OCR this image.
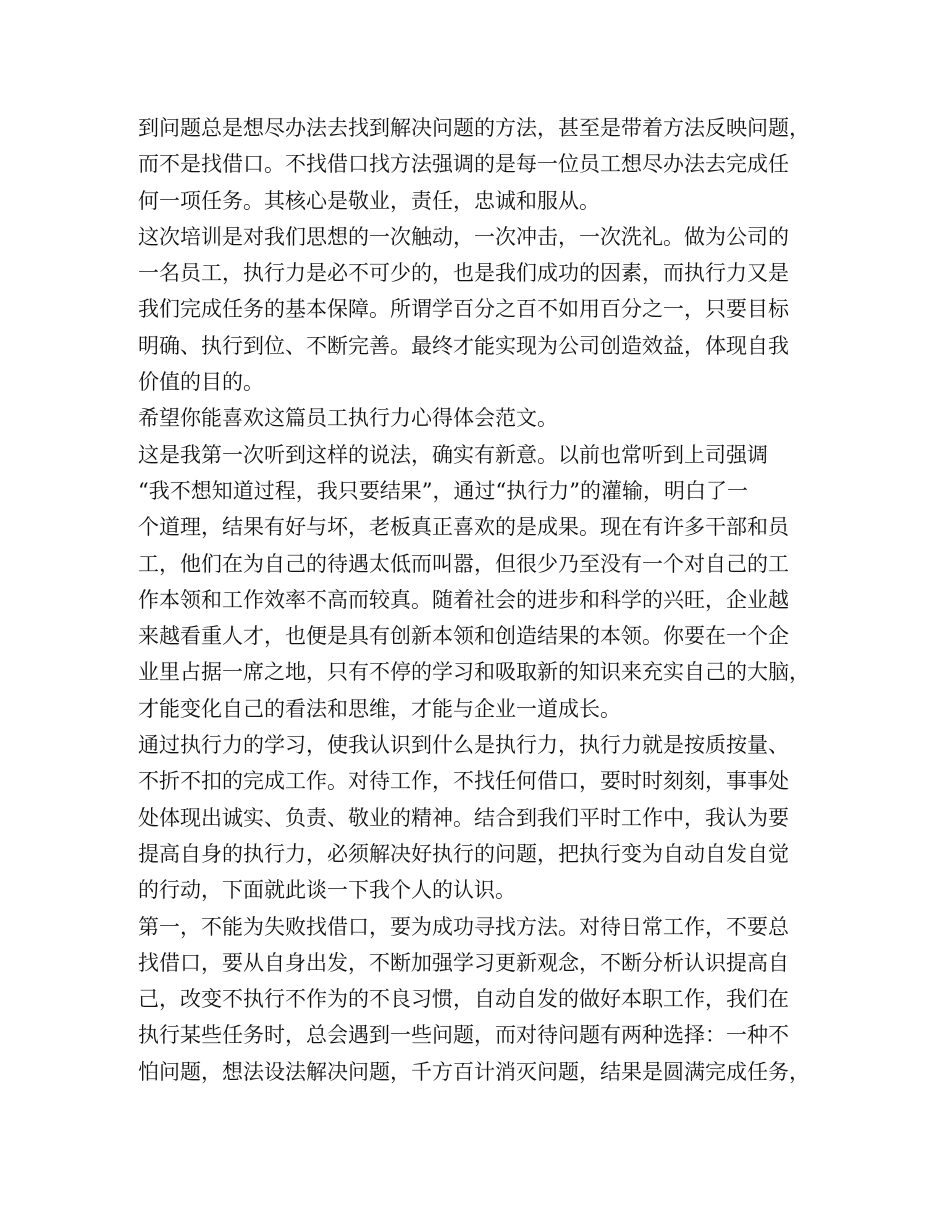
到问题总是想尽办法去找到解决问题的方法，甚至是带着方法反映问题，
而不是找借口。不找借口找方法强调的是每一位员工想尽办法去完成任
何一项任务。其核心是敬业，责任，忠诚和服从。
这次培训是对我们思想的一次触动，一次冲击，一次洗礼。做为公司的
一名员工，执行力是必不可少的，也是我们成功的因素，而执行力又是
我们完成任务的基本保障。所谓学百分之百不如用百分之一，只要目标
明确、执行到位、不断完善。最终才能实现为公司创造效益，体现自我
价值的目的。
希望你能喜欢这篇员工执行力心得体会范文。
这是我第一次听到这样的说法，确实有新意。以前也常听到上司强调
“我不想知道过程，我只要结果”，通过“执行力”的灌输，明白了一
个道理，结果有好与坏，老板真正喜欢的是成果。现在有许多干部和员
工，他们在为自己的待遇太低而叫嚣，但很少乃至没有一个对自己的工
作本领和工作效率不高而较真。随着社会的进步和科学的兴旺，企业越
来越看重人才，也便是具有创新本领和创造结果的本领。你要在一个企
业里占据一席之地，只有不停的学习和吸取新的知识来充实自己的大脑，
才能变化自己的看法和思维，才能与企业一道成长。
通过执行力的学习，使我认识到什么是执行力，执行力就是按质按量、
不折不扣的完成工作。对待工作，不找任何借口，要时时刻刻，事事处
处体现出诚实、负责、敬业的精神。结合到我们平时工作中，我认为要
提高自身的执行力，必须解决好执行的问题，把执行变为自动自发自觉
的行动，下面就此谈一下我个人的认识。
第一，不能为失败找借口，要为成功寻找方法。对待日常工作，不要总
找借口，要从自身出发，不断加强学习更新观念，不断分析认识提高自
己，改变不执行不作为的不良习惯，自动自发的做好本职工作，我们在
执行某些任务时，总会遇到一些问题，而对待问题有两种选择：一种不
怕问题，想法设法解决问题，千方百计消灭问题，结果是圆满完成任务，
